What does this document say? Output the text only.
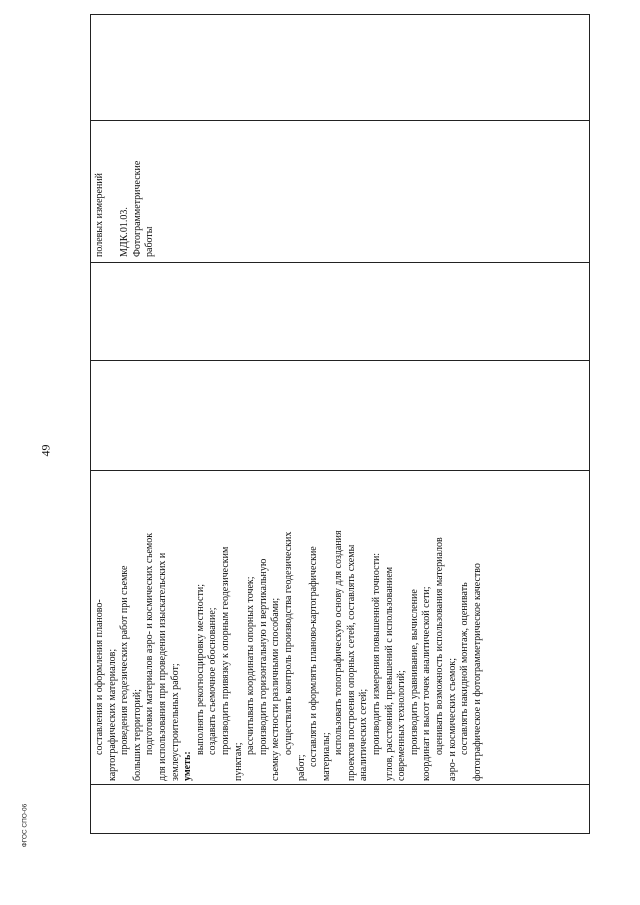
составления и оформления планово- картографических материалов; проведения геодезических работ при съемке больших территорий; подготовки материалов аэро- и космических съемок для использования при проведении изыскательских и землеустроительных работ; уметь:
выполнять рекогносцировку местности; создавать съемочное обоснование; производить привязку к опорным геодезическим
пунктам;
рассчитывать координаты опорных точек; производить горизонтальную и вертикальную съемку местности различными способами; осуществлять контроль производства геодезических
работ;
составлять и оформлять планово-картографические материалы;
использовать топографическую основу для создания проектов построения опорных сетей, составлять схемы аналитических сетей; производить измерения повышенной точности: углов, расстояний, превышений с использованием современных технологий; производить уравнивание, вычисление координат и высот точек аналитической сети; оценивать возможность использования материалов аэро- и космических съемок; составлять накидной монтаж, оценивать фотографическое и фотограмметрическое качество
полевых измерений МДК.01.03. Фотограмметрические работы
49
ФГОС СПО-06
